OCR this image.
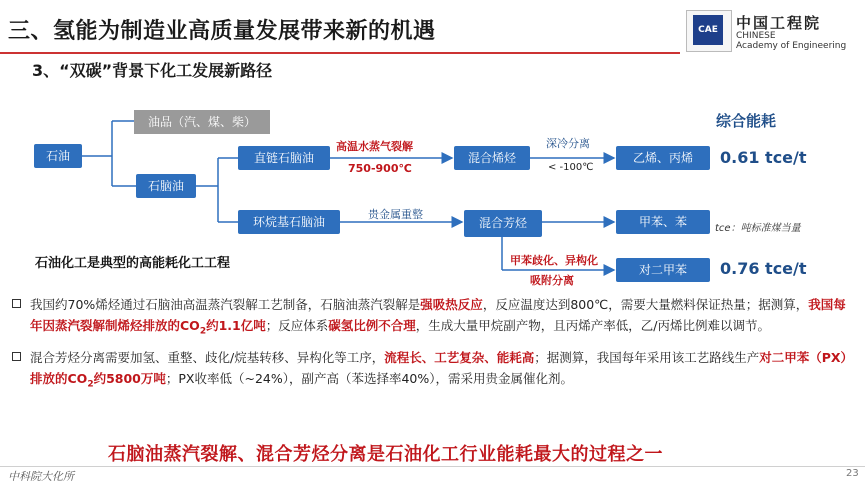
三、氢能为制造业高质量发展带来新的机遇
3、“双碳”背景下化工发展新路径
CAE	中国工程院
CHINESE
Academy of Engineering
石油
油品（汽、煤、柴）
石脑油
直链石脑油	混合烯烃	乙烯、丙烯
环烷基石脑油	混合芳烃	甲苯、苯
对二甲苯
高温水蒸气裂解
750-900℃
深冷分离
< -100℃
贵金属重整
甲苯歧化、异构化
吸附分离
综合能耗
0.61 tce/t
tce：吨标准煤当量
0.76 tce/t
石油化工是典型的高能耗化工工程
我国约70%烯烃通过石脑油高温蒸汽裂解工艺制备，石脑油蒸汽裂解是强吸热反应，反应温度达到800℃，需要大量燃料保证热量；据测算，我国每年因蒸汽裂解制烯烃排放的$CO_2$约1.1亿吨；反应体系碳氢比例不合理，生成大量甲烷副产物，且丙烯产率低，乙/丙烯比例难以调节。
混合芳烃分离需要加氢、重整、歧化/烷基转移、异构化等工序，流程长、工艺复杂、能耗高；据测算，我国每年采用该工艺路线生产对二甲苯（PX）排放的$CO_2$约5800万吨；PX收率低（~24%），副产高（苯选择率40%），需采用贵金属催化剂。
石脑油蒸汽裂解、混合芳烃分离是石油化工行业能耗最大的过程之一
中科院大化所	23
